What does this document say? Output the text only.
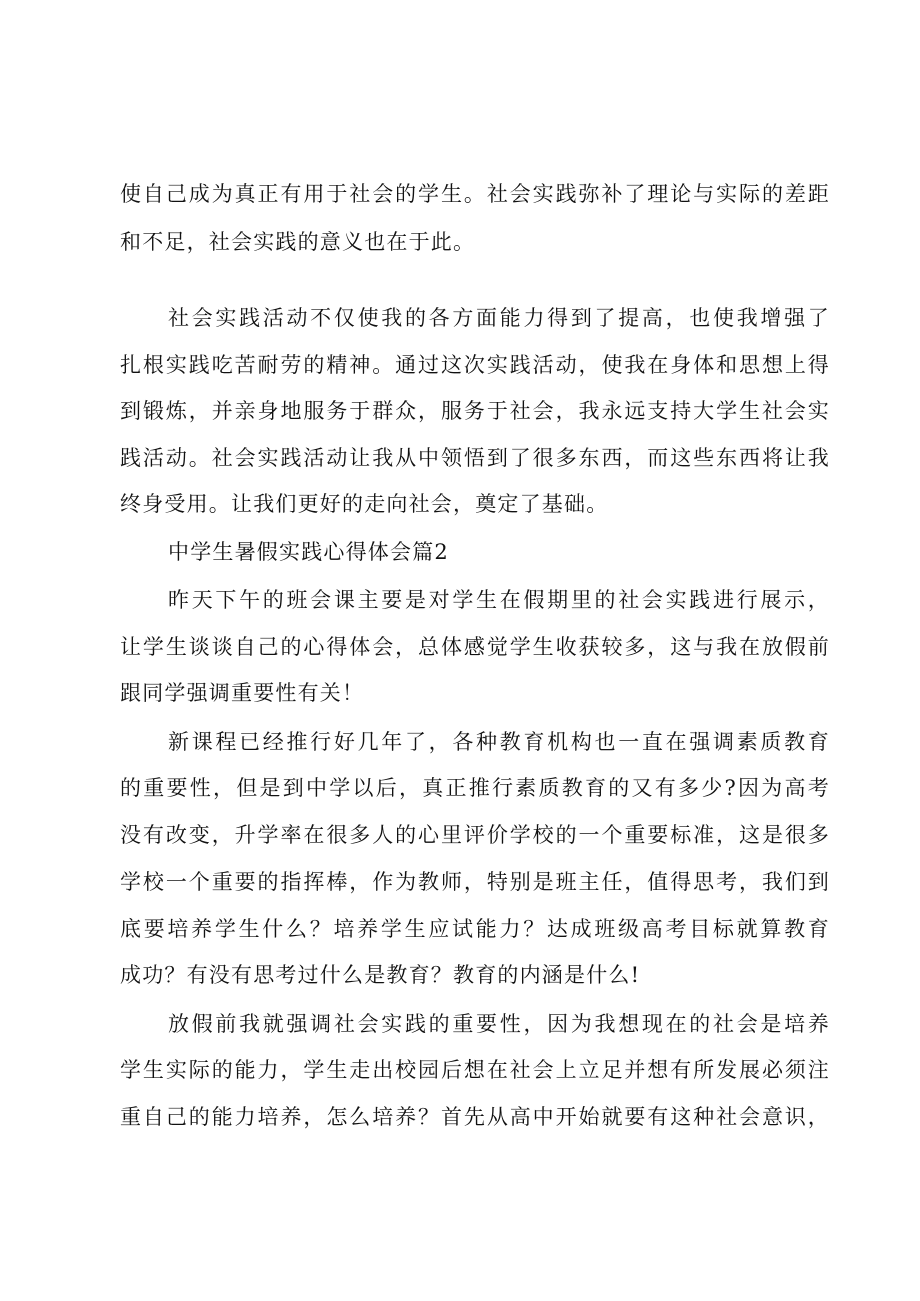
使自己成为真正有用于社会的学生。社会实践弥补了理论与实际的差距
和不足，社会实践的意义也在于此。
社会实践活动不仅使我的各方面能力得到了提高，也使我增强了
扎根实践吃苦耐劳的精神。通过这次实践活动，使我在身体和思想上得
到锻炼，并亲身地服务于群众，服务于社会，我永远支持大学生社会实
践活动。社会实践活动让我从中领悟到了很多东西，而这些东西将让我
终身受用。让我们更好的走向社会，奠定了基础。
中学生暑假实践心得体会篇2
昨天下午的班会课主要是对学生在假期里的社会实践进行展示，
让学生谈谈自己的心得体会，总体感觉学生收获较多，这与我在放假前
跟同学强调重要性有关！
新课程已经推行好几年了，各种教育机构也一直在强调素质教育
的重要性，但是到中学以后，真正推行素质教育的又有多少?因为高考
没有改变，升学率在很多人的心里评价学校的一个重要标准，这是很多
学校一个重要的指挥棒，作为教师，特别是班主任，值得思考，我们到
底要培养学生什么？培养学生应试能力？达成班级高考目标就算教育
成功？有没有思考过什么是教育？教育的内涵是什么!
放假前我就强调社会实践的重要性，因为我想现在的社会是培养
学生实际的能力，学生走出校园后想在社会上立足并想有所发展必须注
重自己的能力培养，怎么培养？首先从高中开始就要有这种社会意识，
